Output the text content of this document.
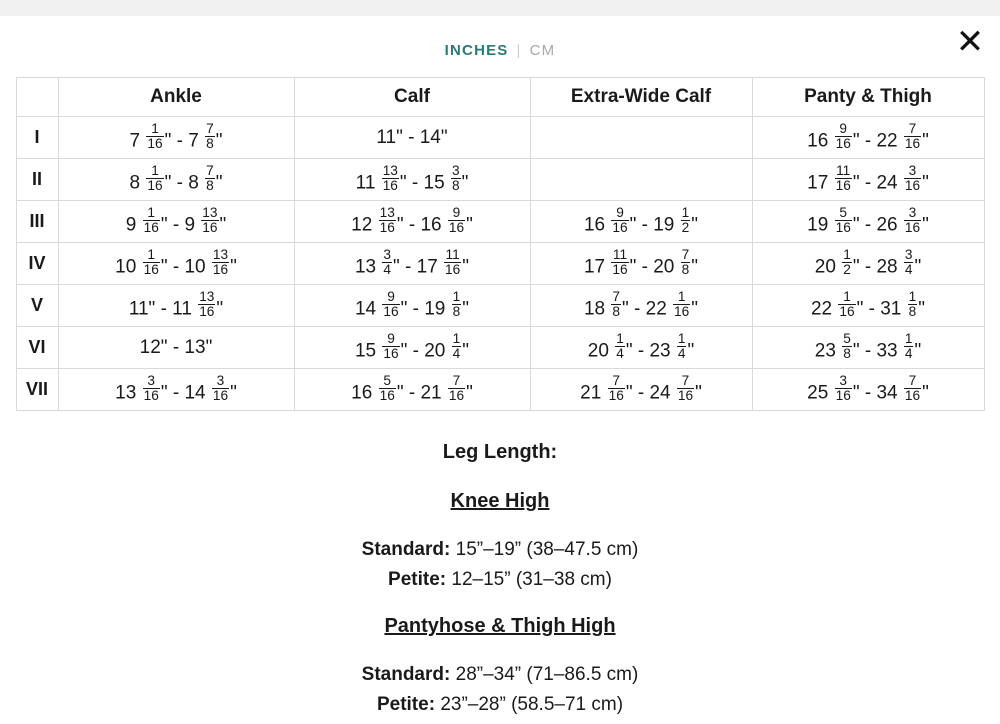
✕
INCHES | CM
	Ankle	Calf	Extra-Wide Calf	Panty & Thigh
I	$7 \frac{1}{16}$ " - $7 \frac{7}{8}$ "	11" - 14"		$16 \frac{9}{16}$ " - $22 \frac{7}{16}$ "
II	$8 \frac{1}{16}$ " - $8 \frac{7}{8}$ "	$11 \frac{13}{16}$ " - $15 \frac{3}{8}$ "		$17 \frac{11}{16}$ " - $24 \frac{3}{16}$ "
III	$9 \frac{1}{16}$ " - $9 \frac{13}{16}$ "	$12 \frac{13}{16}$ " - $16 \frac{9}{16}$ "	$16 \frac{9}{16}$ " - $19 \frac{1}{2}$ "	$19 \frac{5}{16}$ " - $26 \frac{3}{16}$ "
IV	$10 \frac{1}{16}$ " - $10 \frac{13}{16}$ "	$13 \frac{3}{4}$ " - $17 \frac{11}{16}$ "	$17 \frac{11}{16}$ " - $20 \frac{7}{8}$ "	$20 \frac{1}{2}$ " - $28 \frac{3}{4}$ "
V	11" - $11 \frac{13}{16}$ "	$14 \frac{9}{16}$ " - $19 \frac{1}{8}$ "	$18 \frac{7}{8}$ " - $22 \frac{1}{16}$ "	$22 \frac{1}{16}$ " - $31 \frac{1}{8}$ "
VI	12" - 13"	$15 \frac{9}{16}$ " - $20 \frac{1}{4}$ "	$20 \frac{1}{4}$ " - $23 \frac{1}{4}$ "	$23 \frac{5}{8}$ " - $33 \frac{1}{4}$ "
VII	$13 \frac{3}{16}$ " - $14 \frac{3}{16}$ "	$16 \frac{5}{16}$ " - $21 \frac{7}{16}$ "	$21 \frac{7}{16}$ " - $24 \frac{7}{16}$ "	$25 \frac{3}{16}$ " - $34 \frac{7}{16}$ "
Leg Length:
Knee High
Standard: 15”–19” (38–47.5 cm)
Petite: 12–15” (31–38 cm)
Pantyhose & Thigh High
Standard: 28”–34” (71–86.5 cm)
Petite: 23”–28” (58.5–71 cm)
